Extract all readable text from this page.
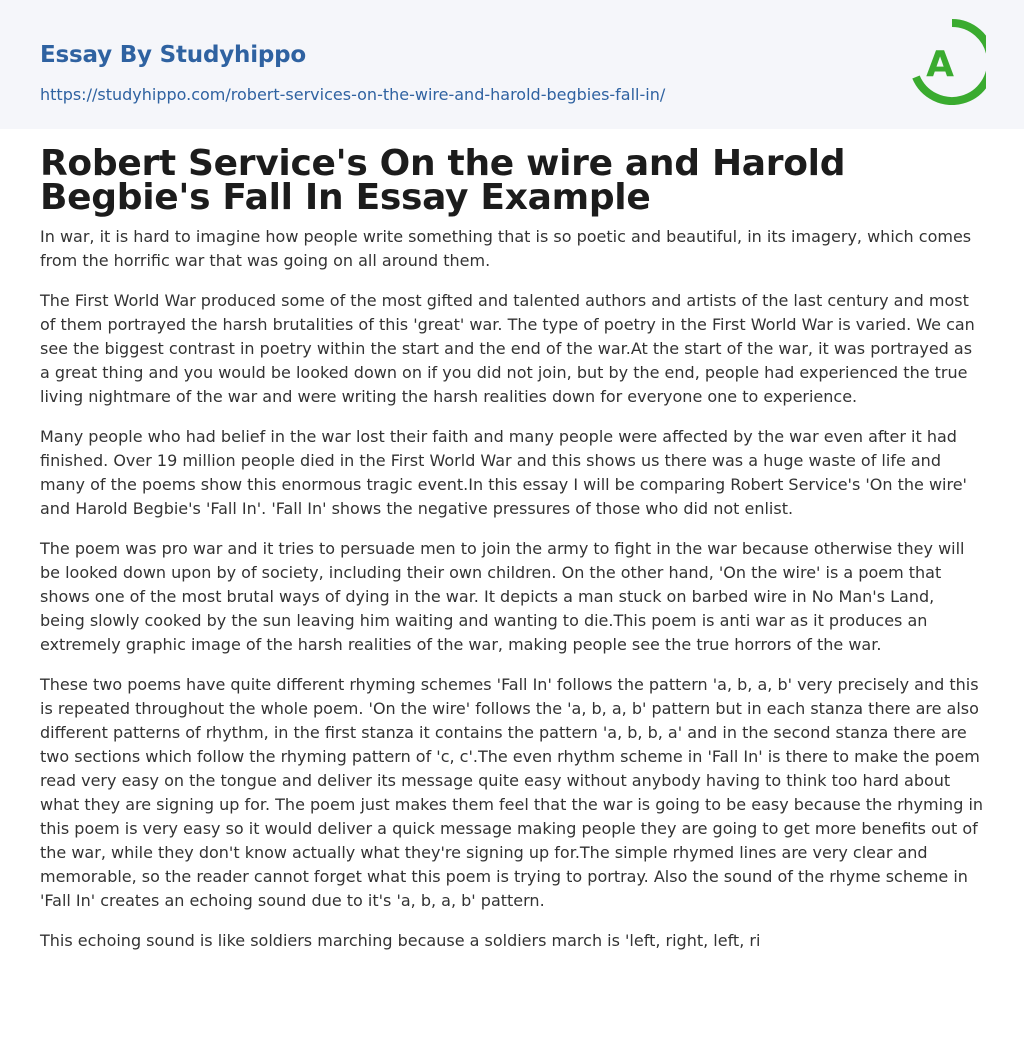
Essay By Studyhippo
https://studyhippo.com/robert-services-on-the-wire-and-harold-begbies-fall-in/
A
Robert Service's On the wire and Harold Begbie's Fall In Essay Example

In war, it is hard to imagine how people write something that is so poetic and beautiful, in its imagery, which comes from the horrific war that was going on all around them.

The First World War produced some of the most gifted and talented authors and artists of the last century and most of them portrayed the harsh brutalities of this 'great' war. The type of poetry in the First World War is varied. We can see the biggest contrast in poetry within the start and the end of the war.At the start of the war, it was portrayed as a great thing and you would be looked down on if you did not join, but by the end, people had experienced the true living nightmare of the war and were writing the harsh realities down for everyone one to experience.

Many people who had belief in the war lost their faith and many people were affected by the war even after it had finished. Over 19 million people died in the First World War and this shows us there was a huge waste of life and many of the poems show this enormous tragic event.In this essay I will be comparing Robert Service's 'On the wire' and Harold Begbie's 'Fall In'. 'Fall In' shows the negative pressures of those who did not enlist.

The poem was pro war and it tries to persuade men to join the army to fight in the war because otherwise they will be looked down upon by of society, including their own children. On the other hand, 'On the wire' is a poem that shows one of the most brutal ways of dying in the war. It depicts a man stuck on barbed wire in No Man's Land, being slowly cooked by the sun leaving him waiting and wanting to die.This poem is anti war as it produces an extremely graphic image of the harsh realities of the war, making people see the true horrors of the war.

These two poems have quite different rhyming schemes 'Fall In' follows the pattern 'a, b, a, b' very precisely and this is repeated throughout the whole poem. 'On the wire' follows the 'a, b, a, b' pattern but in each stanza there are also different patterns of rhythm, in the first stanza it contains the pattern 'a, b, b, a' and in the second stanza there are two sections which follow the rhyming pattern of 'c, c'.The even rhythm scheme in 'Fall In' is there to make the poem read very easy on the tongue and deliver its message quite easy without anybody having to think too hard about what they are signing up for. The poem just makes them feel that the war is going to be easy because the rhyming in this poem is very easy so it would deliver a quick message making people they are going to get more benefits out of the war, while they don't know actually what they're signing up for.The simple rhymed lines are very clear and memorable, so the reader cannot forget what this poem is trying to portray. Also the sound of the rhyme scheme in 'Fall In' creates an echoing sound due to it's 'a, b, a, b' pattern.

This echoing sound is like soldiers marching because a soldiers march is 'left, right, left, ri
